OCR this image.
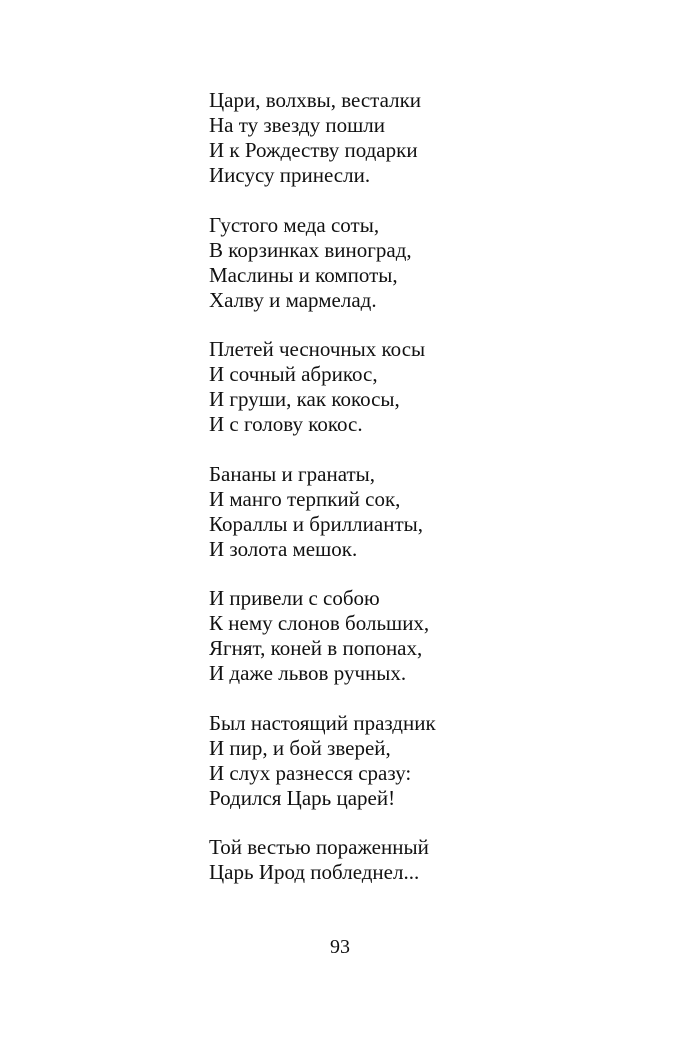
Цари, волхвы, весталки
На ту звезду пошли
И к Рождеству подарки
Иисусу принесли.
Густого меда соты,
В корзинках виноград,
Маслины и компоты,
Халву и мармелад.
Плетей чесночных косы
И сочный абрикос,
И груши, как кокосы,
И с голову кокос.
Бананы и гранаты,
И манго терпкий сок,
Кораллы и бриллианты,
И золота мешок.
И привели с собою
К нему слонов больших,
Ягнят, коней в попонах,
И даже львов ручных.
Был настоящий праздник
И пир, и бой зверей,
И слух разнесся сразу:
Родился Царь царей!
Той вестью пораженный
Царь Ирод побледнел...
93
